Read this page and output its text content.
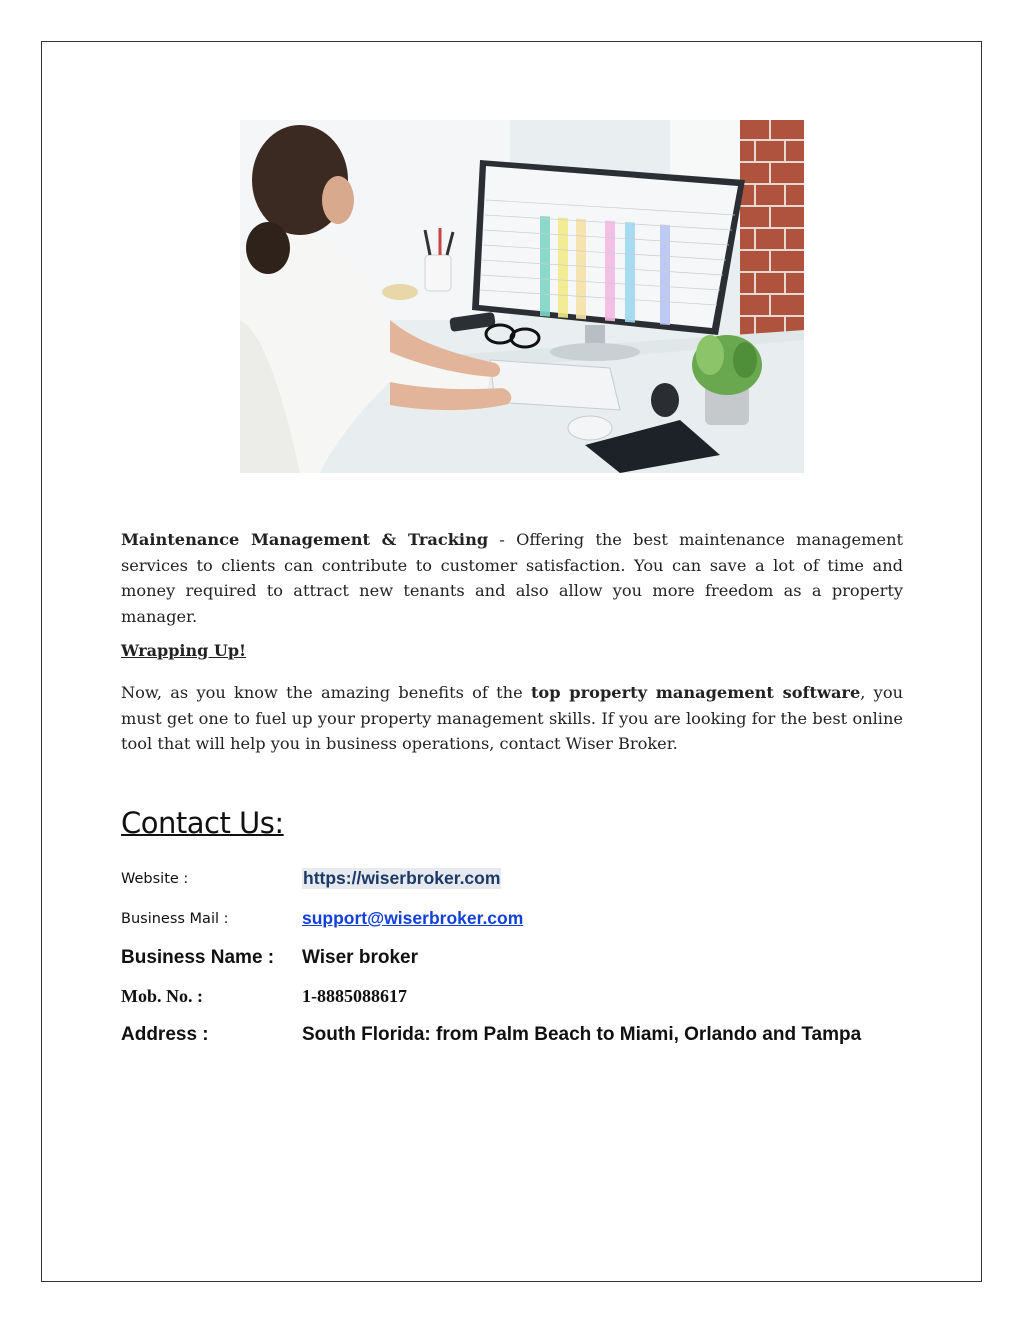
Maintenance Management & Tracking - Offering the best maintenance management services to clients can contribute to customer satisfaction. You can save a lot of time and money required to attract new tenants and also allow you more freedom as a property manager.

Wrapping Up!

Now, as you know the amazing benefits of the top property management software, you must get one to fuel up your property management skills. If you are looking for the best online tool that will help you in business operations, contact Wiser Broker.

Contact Us:
Website :	https://wiserbroker.com
Business Mail :	support@wiserbroker.com
Business Name : Wiser broker
Mob. No. :	1-8885088617
Address :	South Florida: from Palm Beach to Miami, Orlando and Tampa
